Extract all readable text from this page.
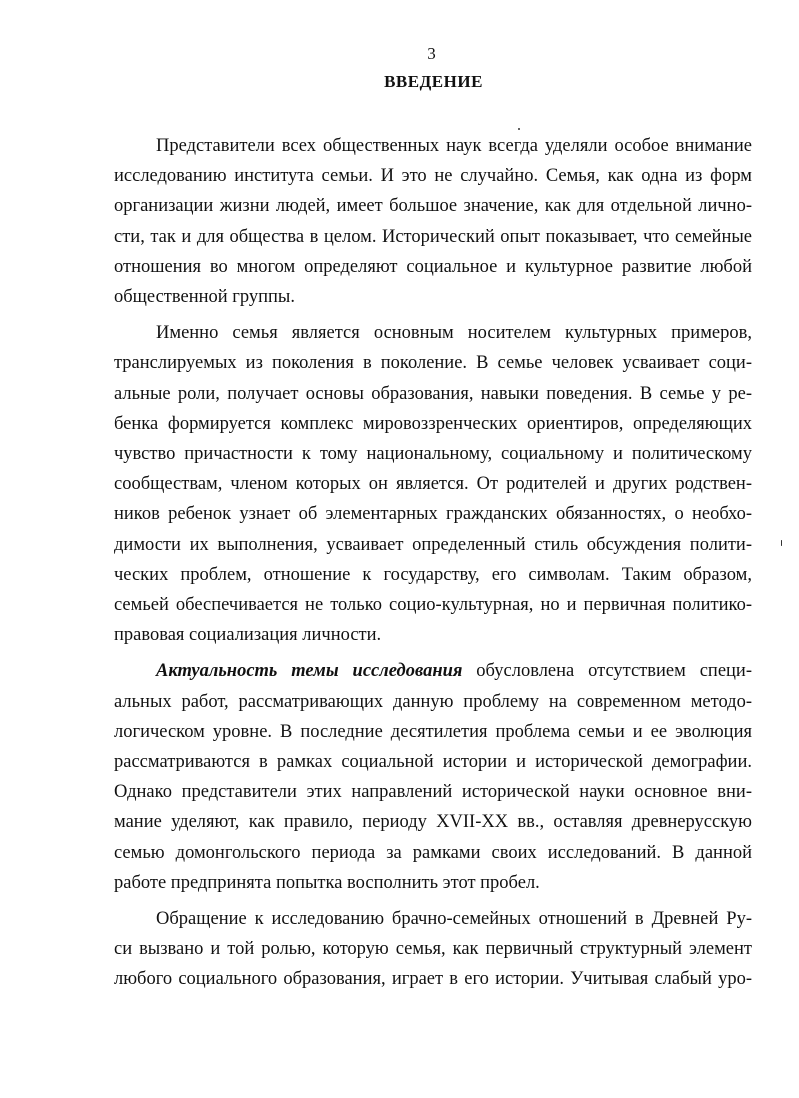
3
ВВЕДЕНИЕ
Представители всех общественных наук всегда уделяли особое внимание
исследованию института семьи. И это не случайно. Семья, как одна из форм
организации жизни людей, имеет большое значение, как для отдельной лично-
сти, так и для общества в целом. Исторический опыт показывает, что семейные
отношения во многом определяют социальное и культурное развитие любой
общественной группы.
Именно семья является основным носителем культурных примеров,
транслируемых из поколения в поколение. В семье человек усваивает соци-
альные роли, получает основы образования, навыки поведения. В семье у ре-
бенка формируется комплекс мировоззренческих ориентиров, определяющих
чувство причастности к тому национальному, социальному и политическому
сообществам, членом которых он является. От родителей и другиx родствен-
ников ребенок узнает об элементарных гражданских обязанностях, о необхо-
димости их выполнения, усваивает определенный стиль обсуждения полити-
ческих проблем, отношение к государству, его символам. Таким образом,
семьей обеспечивается не только социо-культурная, но и первичная политико-
правовая социализация личности.
Актуальность темы исследования обусловлена отсутствием специ-
альных работ, рассматривающих данную проблему на современном методо-
логическом уровне. В последние десятилетия проблема семьи и ее эволюция
рассматриваются в рамках социальной истории и исторической демографии.
Однако представители этих направлений исторической науки основное вни-
мание уделяют, как правило, периоду XVII-XX вв., оставляя древнерусскую
семью домонгольского периода за рамками своих исследований. В данной
работе предпринята попытка восполнить этот пробел.
Обращение к исследованию брачно-семейных отношений в Древней Ру-
си вызвано и той ролью, которую семья, как первичный структурный элемент
любого социального образования, играет в его истории. Учитывая слабый уро-
